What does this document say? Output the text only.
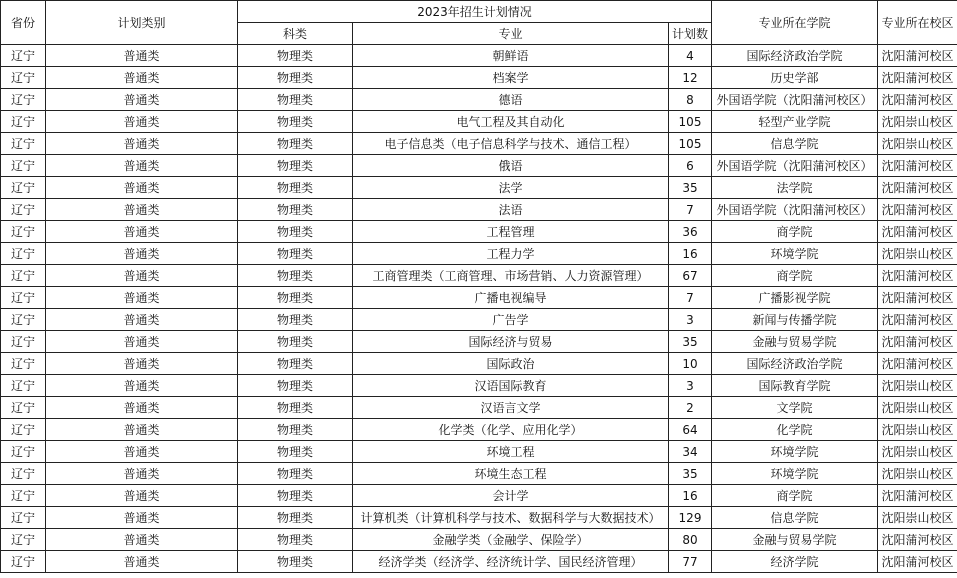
省份	计划类别	2023年招生计划情况			专业所在学院	专业所在校区
		科类	专业	计划数		
辽宁	普通类	物理类	朝鲜语	4	国际经济政治学院	沈阳蒲河校区
辽宁	普通类	物理类	档案学	12	历史学部	沈阳蒲河校区
辽宁	普通类	物理类	德语	8	外国语学院（沈阳蒲河校区）	沈阳蒲河校区
辽宁	普通类	物理类	电气工程及其自动化	105	轻型产业学院	沈阳崇山校区
辽宁	普通类	物理类	电子信息类（电子信息科学与技术、通信工程）	105	信息学院	沈阳崇山校区
辽宁	普通类	物理类	俄语	6	外国语学院（沈阳蒲河校区）	沈阳蒲河校区
辽宁	普通类	物理类	法学	35	法学院	沈阳蒲河校区
辽宁	普通类	物理类	法语	7	外国语学院（沈阳蒲河校区）	沈阳蒲河校区
辽宁	普通类	物理类	工程管理	36	商学院	沈阳蒲河校区
辽宁	普通类	物理类	工程力学	16	环境学院	沈阳崇山校区
辽宁	普通类	物理类	工商管理类（工商管理、市场营销、人力资源管理）	67	商学院	沈阳蒲河校区
辽宁	普通类	物理类	广播电视编导	7	广播影视学院	沈阳蒲河校区
辽宁	普通类	物理类	广告学	3	新闻与传播学院	沈阳蒲河校区
辽宁	普通类	物理类	国际经济与贸易	35	金融与贸易学院	沈阳蒲河校区
辽宁	普通类	物理类	国际政治	10	国际经济政治学院	沈阳蒲河校区
辽宁	普通类	物理类	汉语国际教育	3	国际教育学院	沈阳崇山校区
辽宁	普通类	物理类	汉语言文学	2	文学院	沈阳崇山校区
辽宁	普通类	物理类	化学类（化学、应用化学）	64	化学院	沈阳崇山校区
辽宁	普通类	物理类	环境工程	34	环境学院	沈阳崇山校区
辽宁	普通类	物理类	环境生态工程	35	环境学院	沈阳崇山校区
辽宁	普通类	物理类	会计学	16	商学院	沈阳蒲河校区
辽宁	普通类	物理类	计算机类（计算机科学与技术、数据科学与大数据技术）	129	信息学院	沈阳崇山校区
辽宁	普通类	物理类	金融学类（金融学、保险学）	80	金融与贸易学院	沈阳蒲河校区
辽宁	普通类	物理类	经济学类（经济学、经济统计学、国民经济管理）	77	经济学院	沈阳蒲河校区
